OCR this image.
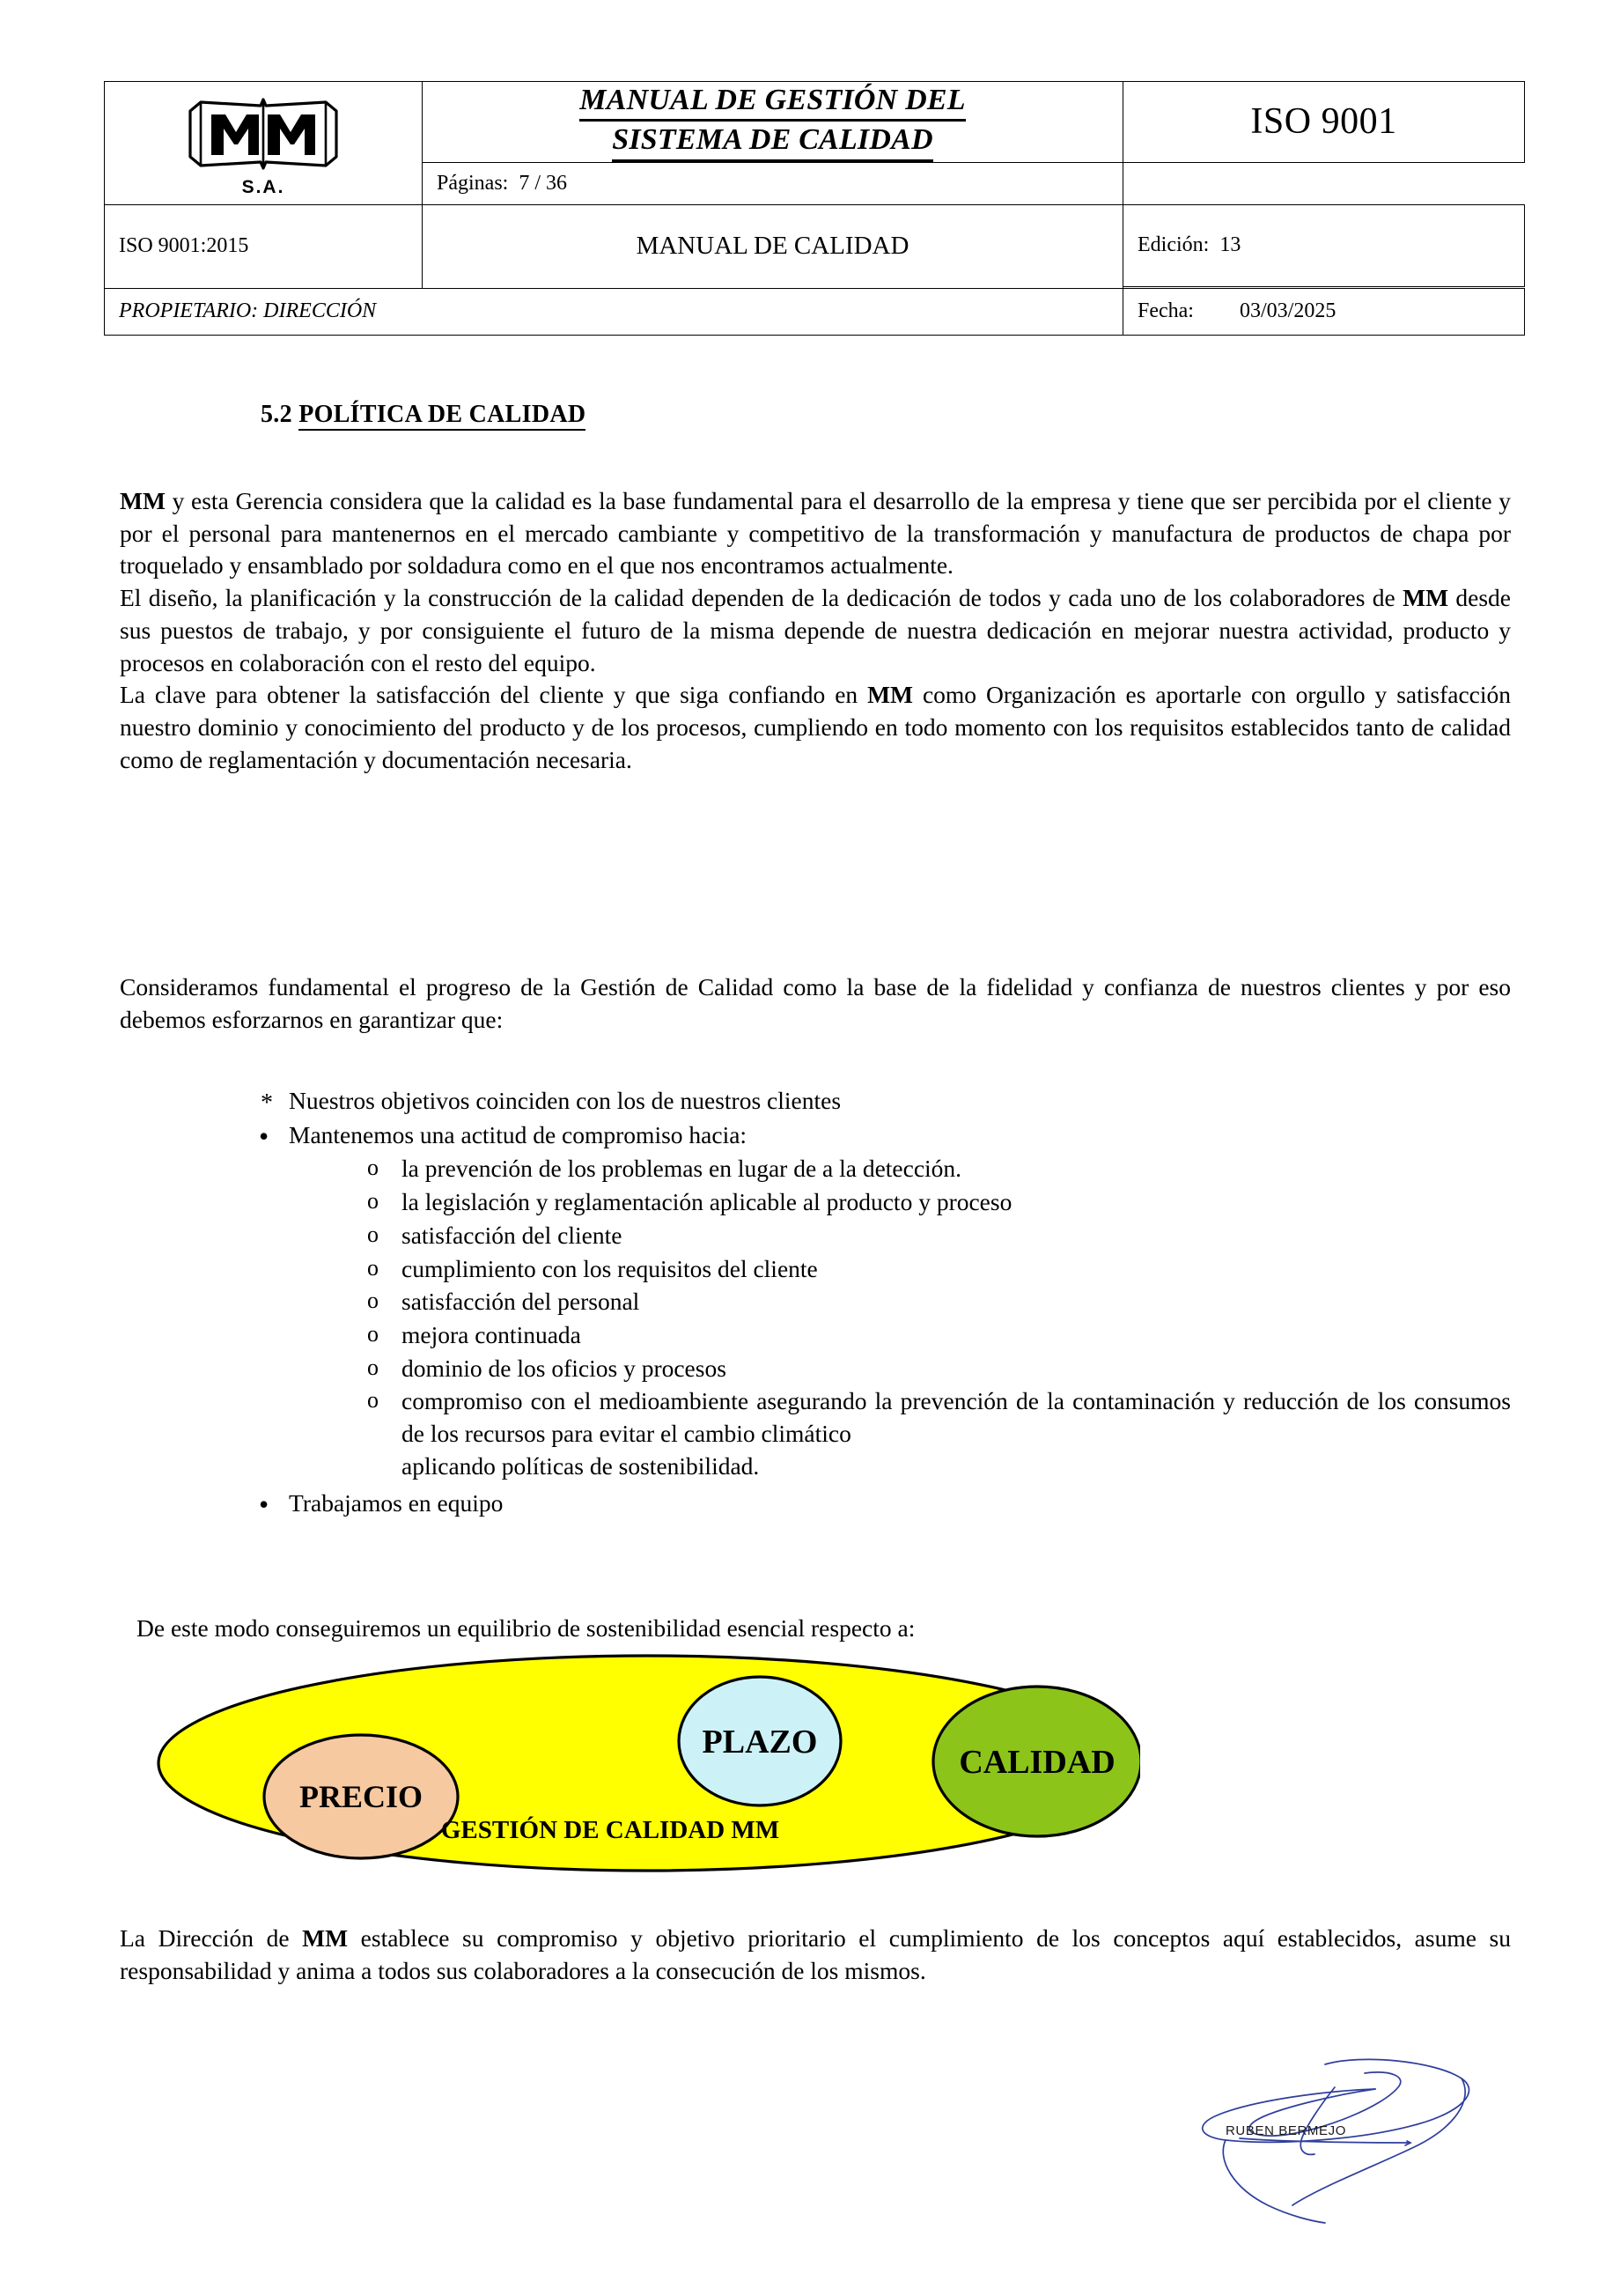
S.A.	MANUAL DE GESTIÓN DEL
SISTEMA DE CALIDAD	ISO 9001

	Páginas: 7 / 36	
ISO 9001:2015	MANUAL DE CALIDAD	Edición: 13

PROPIETARIO: DIRECCIÓN		Fecha: 03/03/2025
5.2 POLÍTICA DE CALIDAD

MM y esta Gerencia considera que la calidad es la base fundamental para el desarrollo de la empresa y tiene que ser percibida por el cliente y por el personal para mantenernos en el mercado cambiante y competitivo de la transformación y manufactura de productos de chapa por troquelado y ensamblado por soldadura como en el que nos encontramos actualmente.

El diseño, la planificación y la construcción de la calidad dependen de la dedicación de todos y cada uno de los colaboradores de MM desde sus puestos de trabajo, y por consiguiente el futuro de la misma depende de nuestra dedicación en mejorar nuestra actividad, producto y procesos en colaboración con el resto del equipo.

La clave para obtener la satisfacción del cliente y que siga confiando en MM como Organización es aportarle con orgullo y satisfacción nuestro dominio y conocimiento del producto y de los procesos, cumpliendo en todo momento con los requisitos establecidos tanto de calidad como de reglamentación y documentación necesaria.

Consideramos fundamental el progreso de la Gestión de Calidad como la base de la fidelidad y confianza de nuestros clientes y por eso debemos esforzarnos en garantizar que:

* Nuestros objetivos coinciden con los de nuestros clientes
• Mantenemos una actitud de compromiso hacia:
o la prevención de los problemas en lugar de a la detección.
o la legislación y reglamentación aplicable al producto y proceso
o satisfacción del cliente
o cumplimiento con los requisitos del cliente
o satisfacción del personal
o mejora continuada
o dominio de los oficios y procesos
o compromiso con el medioambiente asegurando la prevención de la contaminación y reducción de los consumos de los recursos para evitar el cambio climático
aplicando políticas de sostenibilidad.
• Trabajamos en equipo
De este modo conseguiremos un equilibrio de sostenibilidad esencial respecto a:
PRECIO
PLAZO
CALIDAD
GESTIÓN DE CALIDAD MM

La Dirección de MM establece su compromiso y objetivo prioritario el cumplimiento de los conceptos aquí establecidos, asume su responsabilidad y anima a todos sus colaboradores a la consecución de los mismos.

RUBEN BERMEJO
